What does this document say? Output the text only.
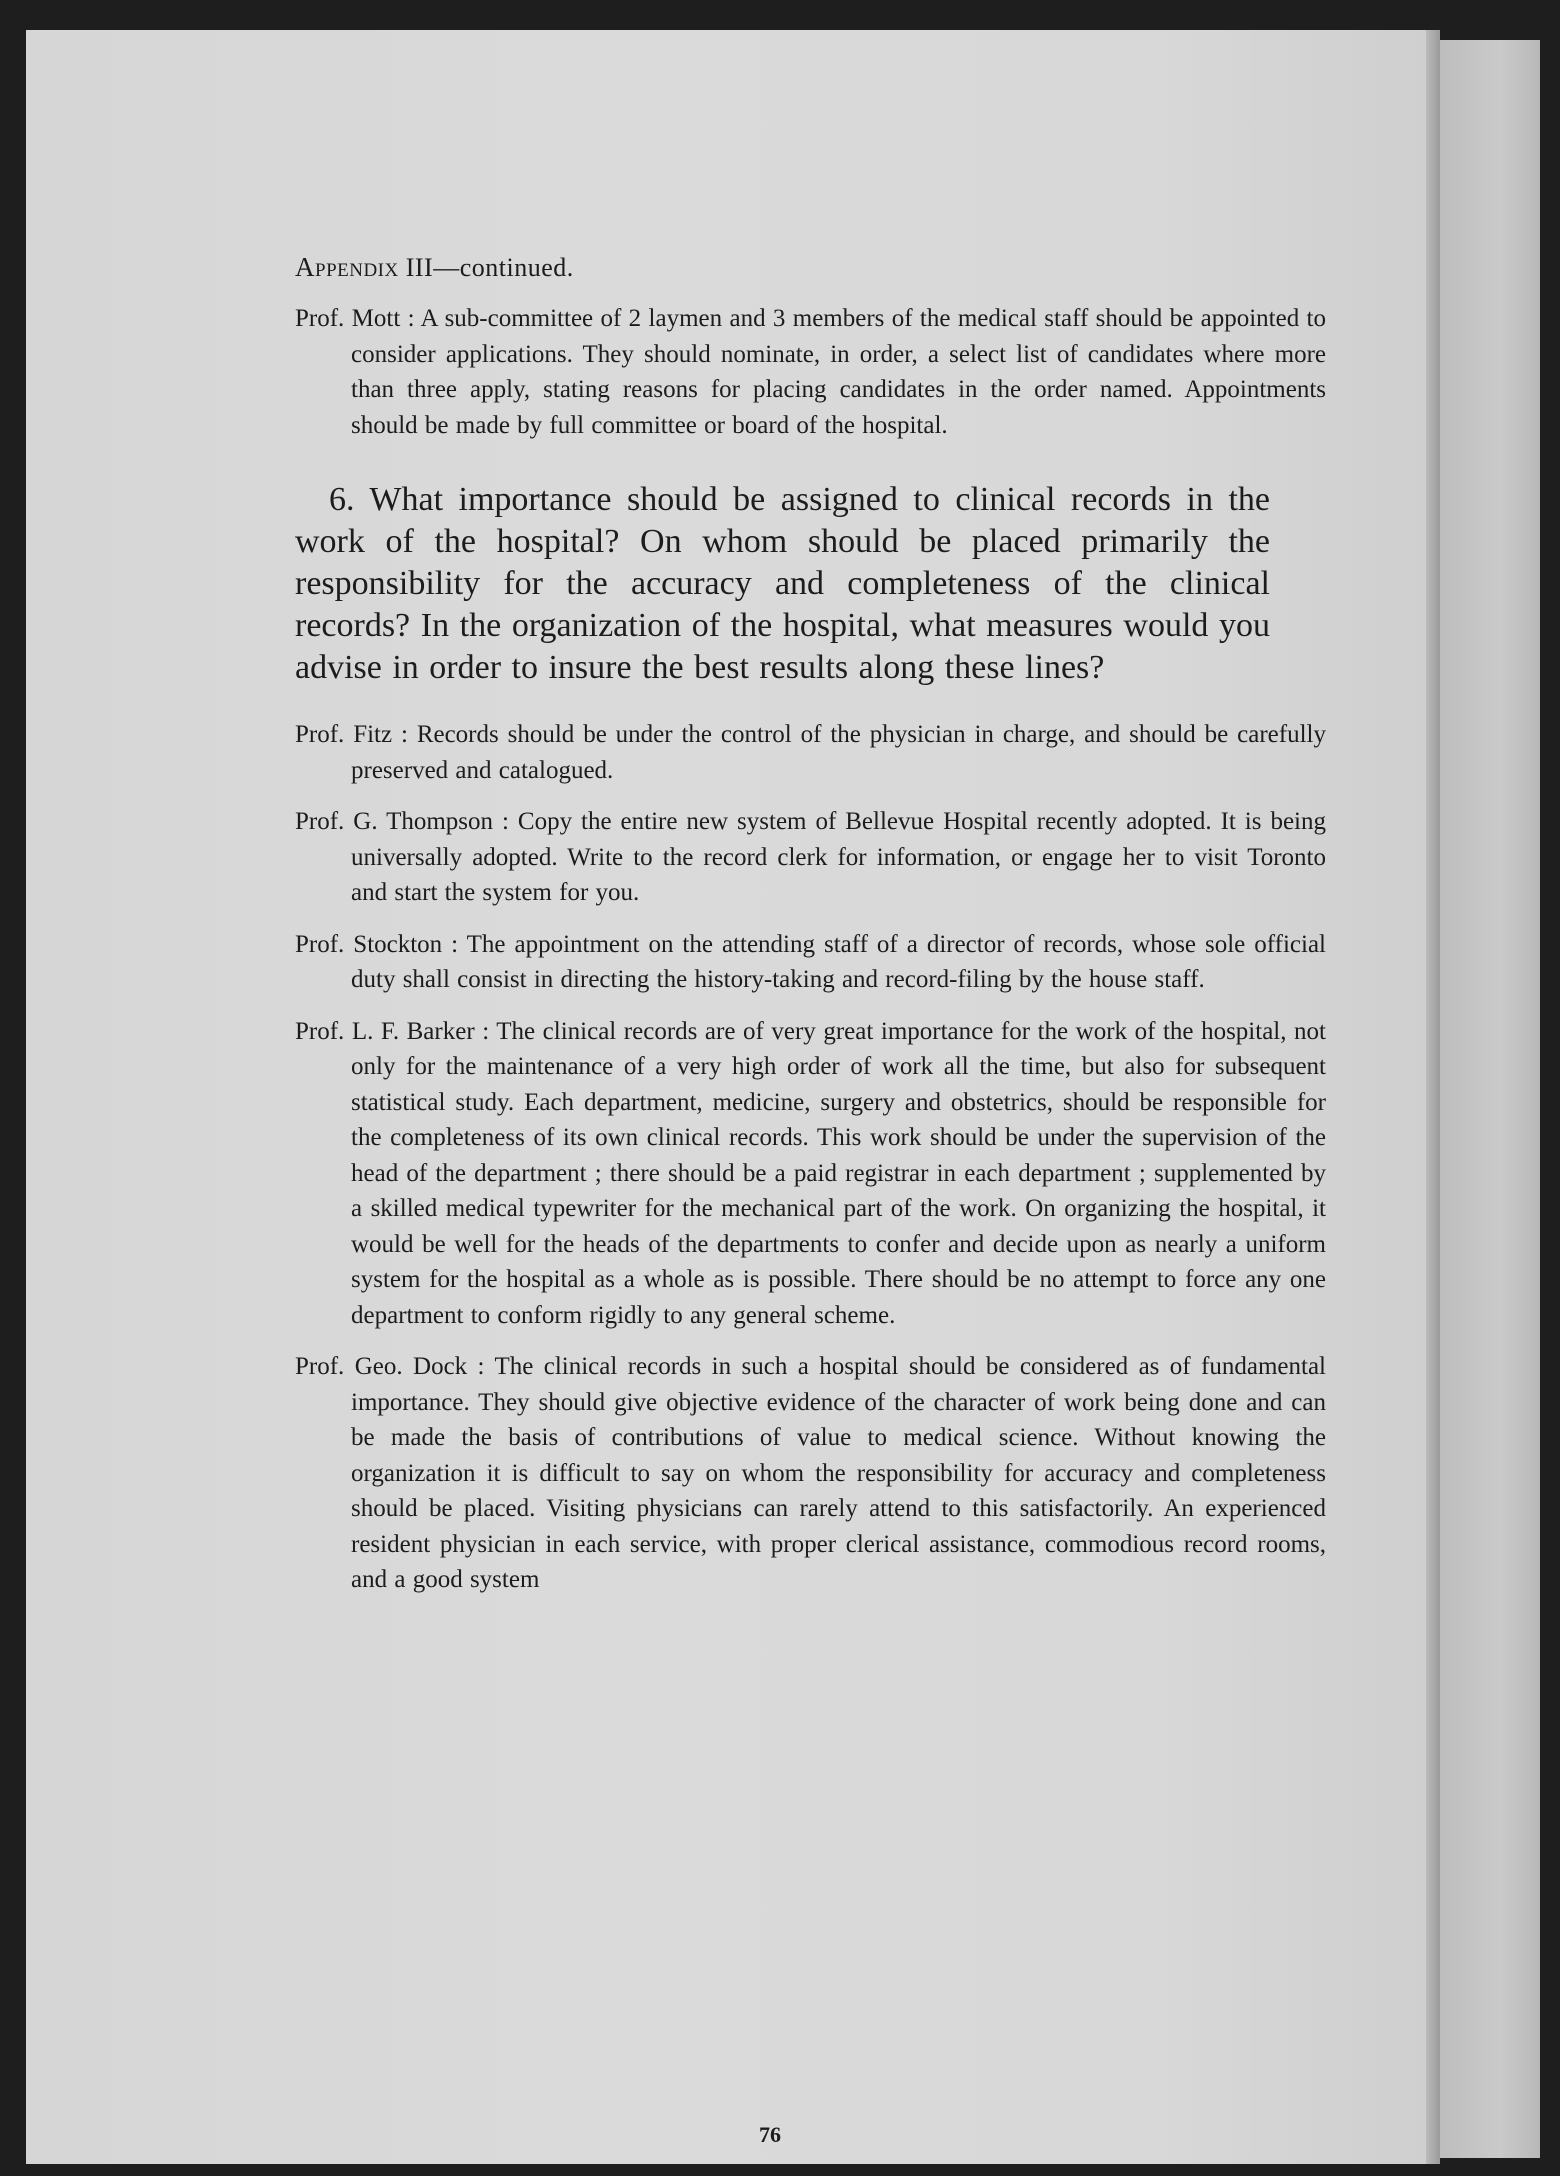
Appendix III—continued.

Prof. Mott : A sub-committee of 2 laymen and 3 members of the medical staff should be appointed to consider applications. They should nominate, in order, a select list of candidates where more than three apply, stating reasons for placing candidates in the order named. Appointments should be made by full committee or board of the hospital.

6. What importance should be assigned to clinical records in the work of the hospital? On whom should be placed primarily the responsibility for the accuracy and completeness of the clinical records? In the organization of the hospital, what measures would you advise in order to insure the best results along these lines?

Prof. Fitz : Records should be under the control of the physician in charge, and should be carefully preserved and catalogued.

Prof. G. Thompson : Copy the entire new system of Bellevue Hospital recently adopted. It is being universally adopted. Write to the record clerk for information, or engage her to visit Toronto and start the system for you.

Prof. Stockton : The appointment on the attending staff of a director of records, whose sole official duty shall consist in directing the history-taking and record-filing by the house staff.

Prof. L. F. Barker : The clinical records are of very great importance for the work of the hospital, not only for the maintenance of a very high order of work all the time, but also for subsequent statistical study. Each department, medicine, surgery and obstetrics, should be responsible for the completeness of its own clinical records. This work should be under the supervision of the head of the department ; there should be a paid registrar in each department ; supplemented by a skilled medical typewriter for the mechanical part of the work. On organizing the hospital, it would be well for the heads of the departments to confer and decide upon as nearly a uniform system for the hospital as a whole as is possible. There should be no attempt to force any one department to conform rigidly to any general scheme.

Prof. Geo. Dock : The clinical records in such a hospital should be considered as of fundamental importance. They should give objective evidence of the character of work being done and can be made the basis of contributions of value to medical science. Without knowing the organization it is difficult to say on whom the responsibility for accuracy and completeness should be placed. Visiting physicians can rarely attend to this satisfactorily. An experienced resident physician in each service, with proper clerical assistance, commodious record rooms, and a good system

76
